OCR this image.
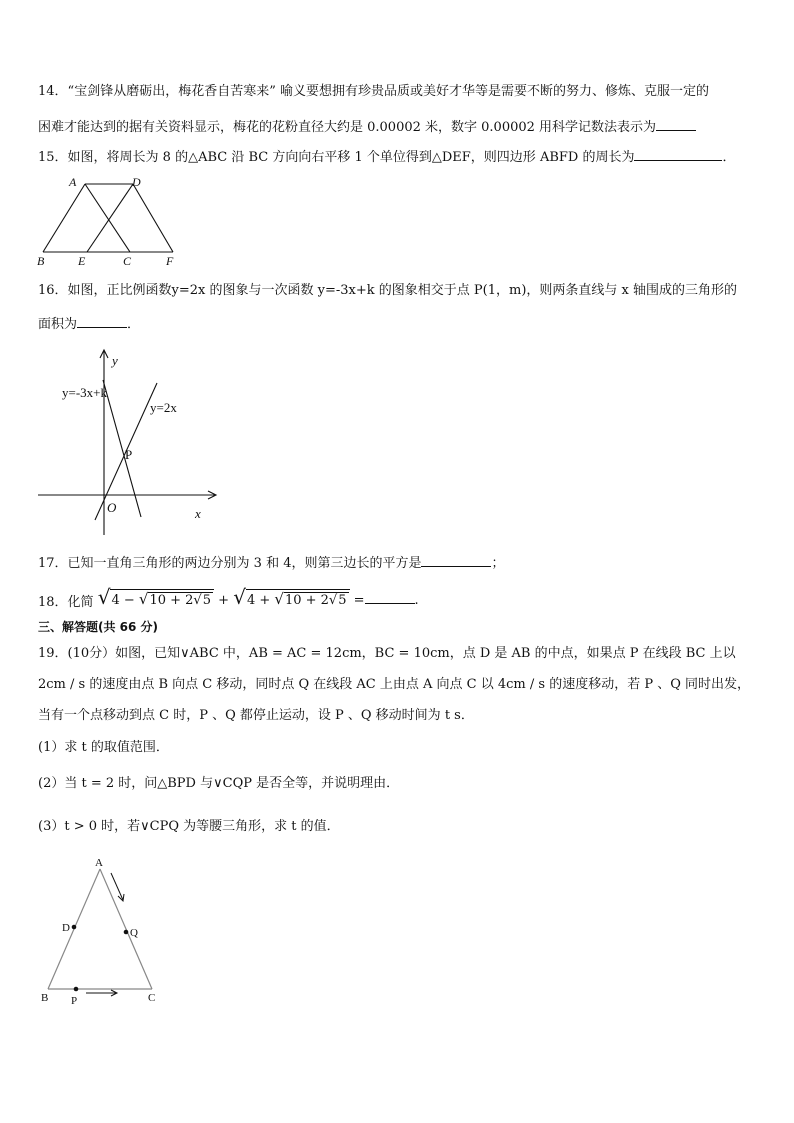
14．“宝剑锋从磨砺出，梅花香自苦寒来” 喻义要想拥有珍贵品质或美好才华等是需要不断的努力、修炼、克服一定的
困难才能达到的据有关资料显示，梅花的花粉直径大约是 0.00002 米，数字 0.00002 用科学记数法表示为
15．如图，将周长为 8 的△ABC 沿 BC 方向向右平移 1 个单位得到△DEF，则四边形 ABFD 的周长为	．
A	D
B	E	C	F
16．如图，正比例函数y=2x 的图象与一次函数 y=-3x+k 的图象相交于点 P(1，m)，则两条直线与 x 轴围成的三角形的
面积为	．
y
x
O
P
y=-3x+k
y=2x
17．已知一直角三角形的两边分别为 3 和 4，则第三边长的平方是	；
18．化简 √4 − √10 + 2√5 + √4 + √10 + 2√5 =	.
三、解答题(共 66 分)
19．(10分）如图，已知∨ABC 中，AB = AC = 12cm，BC = 10cm，点 D 是 AB 的中点，如果点 P 在线段 BC 上以
2cm / s 的速度由点 B 向点 C 移动，同时点 Q 在线段 AC 上由点 A 向点 C 以 4cm / s 的速度移动，若 P 、Q 同时出发，
当有一个点移动到点 C 时，P 、Q 都停止运动，设 P 、Q 移动时间为 t s．
(1）求 t 的取值范围．
(2）当 t = 2 时，问△BPD 与∨CQP 是否全等，并说明理由．
(3）t > 0 时，若∨CPQ 为等腰三角形，求 t 的值．
A
D	Q
B P	C
